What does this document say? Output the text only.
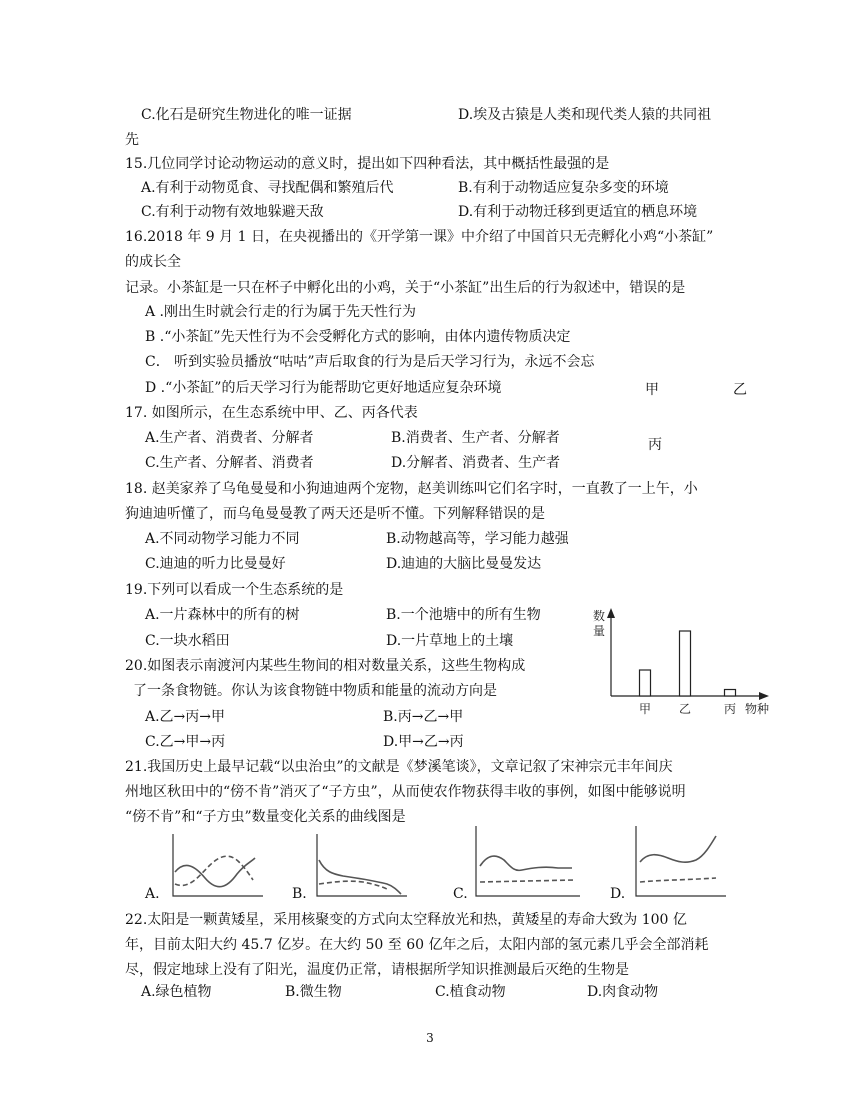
C.化石是研究生物进化的唯一证据	D.埃及古猿是人类和现代类人猿的共同祖
先
15.几位同学讨论动物运动的意义时，提出如下四种看法，其中概括性最强的是
A.有利于动物觅食、寻找配偶和繁殖后代	B.有利于动物适应复杂多变的环境
C.有利于动物有效地躲避天敌	D.有利于动物迁移到更适宜的栖息环境
16.2018 年 9 月 1 日，在央视播出的《开学第一课》中介绍了中国首只无壳孵化小鸡“小茶缸”
的成长全
记录。小茶缸是一只在杯子中孵化出的小鸡，关于“小茶缸”出生后的行为叙述中，错误的是
A .刚出生时就会行走的行为属于先天性行为
B .“小茶缸”先天性行为不会受孵化方式的影响，由体内遗传物质决定
C． 听到实验员播放“咕咕”声后取食的行为是后天学习行为，永远不会忘
D .“小茶缸”的后天学习行为能帮助它更好地适应复杂环境	甲	乙
丙
17. 如图所示，在生态系统中甲、乙、丙各代表
A.生产者、消费者、分解者	B.消费者、生产者、分解者
C.生产者、分解者、消费者	D.分解者、消费者、生产者
18. 赵美家养了乌龟曼曼和小狗迪迪两个宠物，赵美训练叫它们名字时，一直教了一上午，小
狗迪迪听懂了，而乌龟曼曼教了两天还是听不懂。下列解释错误的是
A.不同动物学习能力不同	B.动物越高等，学习能力越强
C.迪迪的听力比曼曼好	D.迪迪的大脑比曼曼发达
19.下列可以看成一个生态系统的是
A.一片森林中的所有的树	B.一个池塘中的所有生物
C.一块水稻田	D.一片草地上的土壤
数
量
甲 乙	丙 物种
20.如图表示南渡河内某些生物间的相对数量关系，这些生物构成
了一条食物链。你认为该食物链中物质和能量的流动方向是
A.乙→丙→甲	B.丙→乙→甲
C.乙→甲→丙	D.甲→乙→丙
21.我国历史上最早记载“以虫治虫”的文献是《梦溪笔谈》，文章记叙了宋神宗元丰年间庆
州地区秋田中的“傍不肯”消灭了“子方虫”，从而使农作物获得丰收的事例，如图中能够说明
“傍不肯”和“子方虫”数量变化关系的曲线图是
A.	B.	C.	D.
22.太阳是一颗黄矮星，采用核聚变的方式向太空释放光和热，黄矮星的寿命大致为 100 亿
年，目前太阳大约 45.7 亿岁。在大约 50 至 60 亿年之后，太阳内部的氢元素几乎会全部消耗
尽，假定地球上没有了阳光，温度仍正常，请根据所学知识推测最后灭绝的生物是
A.绿色植物	B.微生物	C.植食动物	D.肉食动物
3
